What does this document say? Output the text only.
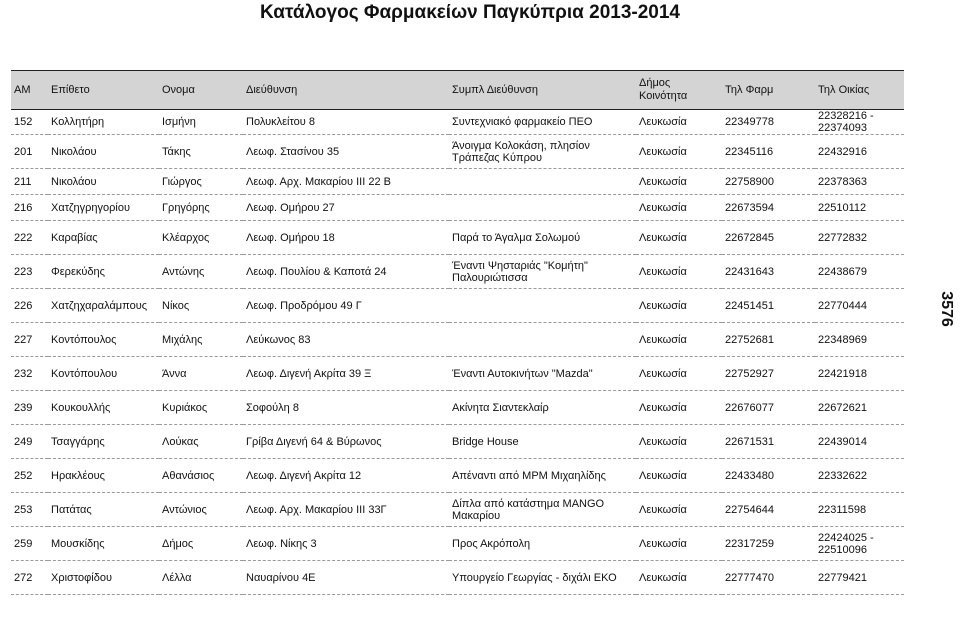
Κατάλογος Φαρμακείων Παγκύπρια 2013-2014
3576
ΑΜ	Επίθετο	Ονομα	Διεύθυνση	Συμπλ Διεύθυνση	Δήμος Κοινότητα	Τηλ Φαρμ	Τηλ Οικίας
152	Κολλητήρη	Ισμήνη	Πολυκλείτου 8	Συντεχνιακό φαρμακείο ΠΕΟ	Λευκωσία	22349778	22328216 - 22374093
201	Νικολάου	Τάκης	Λεωφ. Στασίνου 35	Άνοιγμα Κολοκάση, πλησίον Τράπεζας Κύπρου	Λευκωσία	22345116	22432916
211	Νικολάου	Γιώργος	Λεωφ. Αρχ. Μακαρίου ΙΙΙ 22 Β		Λευκωσία	22758900	22378363
216	Χατζηγρηγορίου	Γρηγόρης	Λεωφ. Ομήρου 27		Λευκωσία	22673594	22510112
222	Καραβίας	Κλέαρχος	Λεωφ. Ομήρου 18	Παρά το Άγαλμα Σολωμού	Λευκωσία	22672845	22772832
223	Φερεκύδης	Αντώνης	Λεωφ. Πουλίου & Καποτά 24	Έναντι Ψησταριάς "Κομήτη" Παλουριώτισσα	Λευκωσία	22431643	22438679
226	Χατζηχαραλάμπους	Νίκος	Λεωφ. Προδρόμου 49 Γ		Λευκωσία	22451451	22770444
227	Κοντόπουλος	Μιχάλης	Λεύκωνος 83		Λευκωσία	22752681	22348969
232	Κοντόπουλου	Άννα	Λεωφ. Διγενή Ακρίτα 39 Ξ	Έναντι Αυτοκινήτων "Mazda"	Λευκωσία	22752927	22421918
239	Κουκουλλής	Κυριάκος	Σοφούλη 8	Ακίνητα Σιαντεκλαίρ	Λευκωσία	22676077	22672621
249	Τσαγγάρης	Λούκας	Γρίβα Διγενή 64 & Βύρωνος	Bridge House	Λευκωσία	22671531	22439014
252	Ηρακλέους	Αθανάσιος	Λεωφ. Διγενή Ακρίτα 12	Απέναντι από ΜΡΜ Μιχαηλίδης	Λευκωσία	22433480	22332622
253	Πατάτας	Αντώνιος	Λεωφ. Αρχ. Μακαρίου ΙΙΙ 33Γ	Δίπλα από κατάστημα MANGO Μακαρίου	Λευκωσία	22754644	22311598
259	Μουσκίδης	Δήμος	Λεωφ. Νίκης 3	Προς Ακρόπολη	Λευκωσία	22317259	22424025 - 22510096
272	Χριστοφίδου	Λέλλα	Ναυαρίνου 4Ε	Υπουργείο Γεωργίας - διχάλι ΕΚΟ	Λευκωσία	22777470	22779421
